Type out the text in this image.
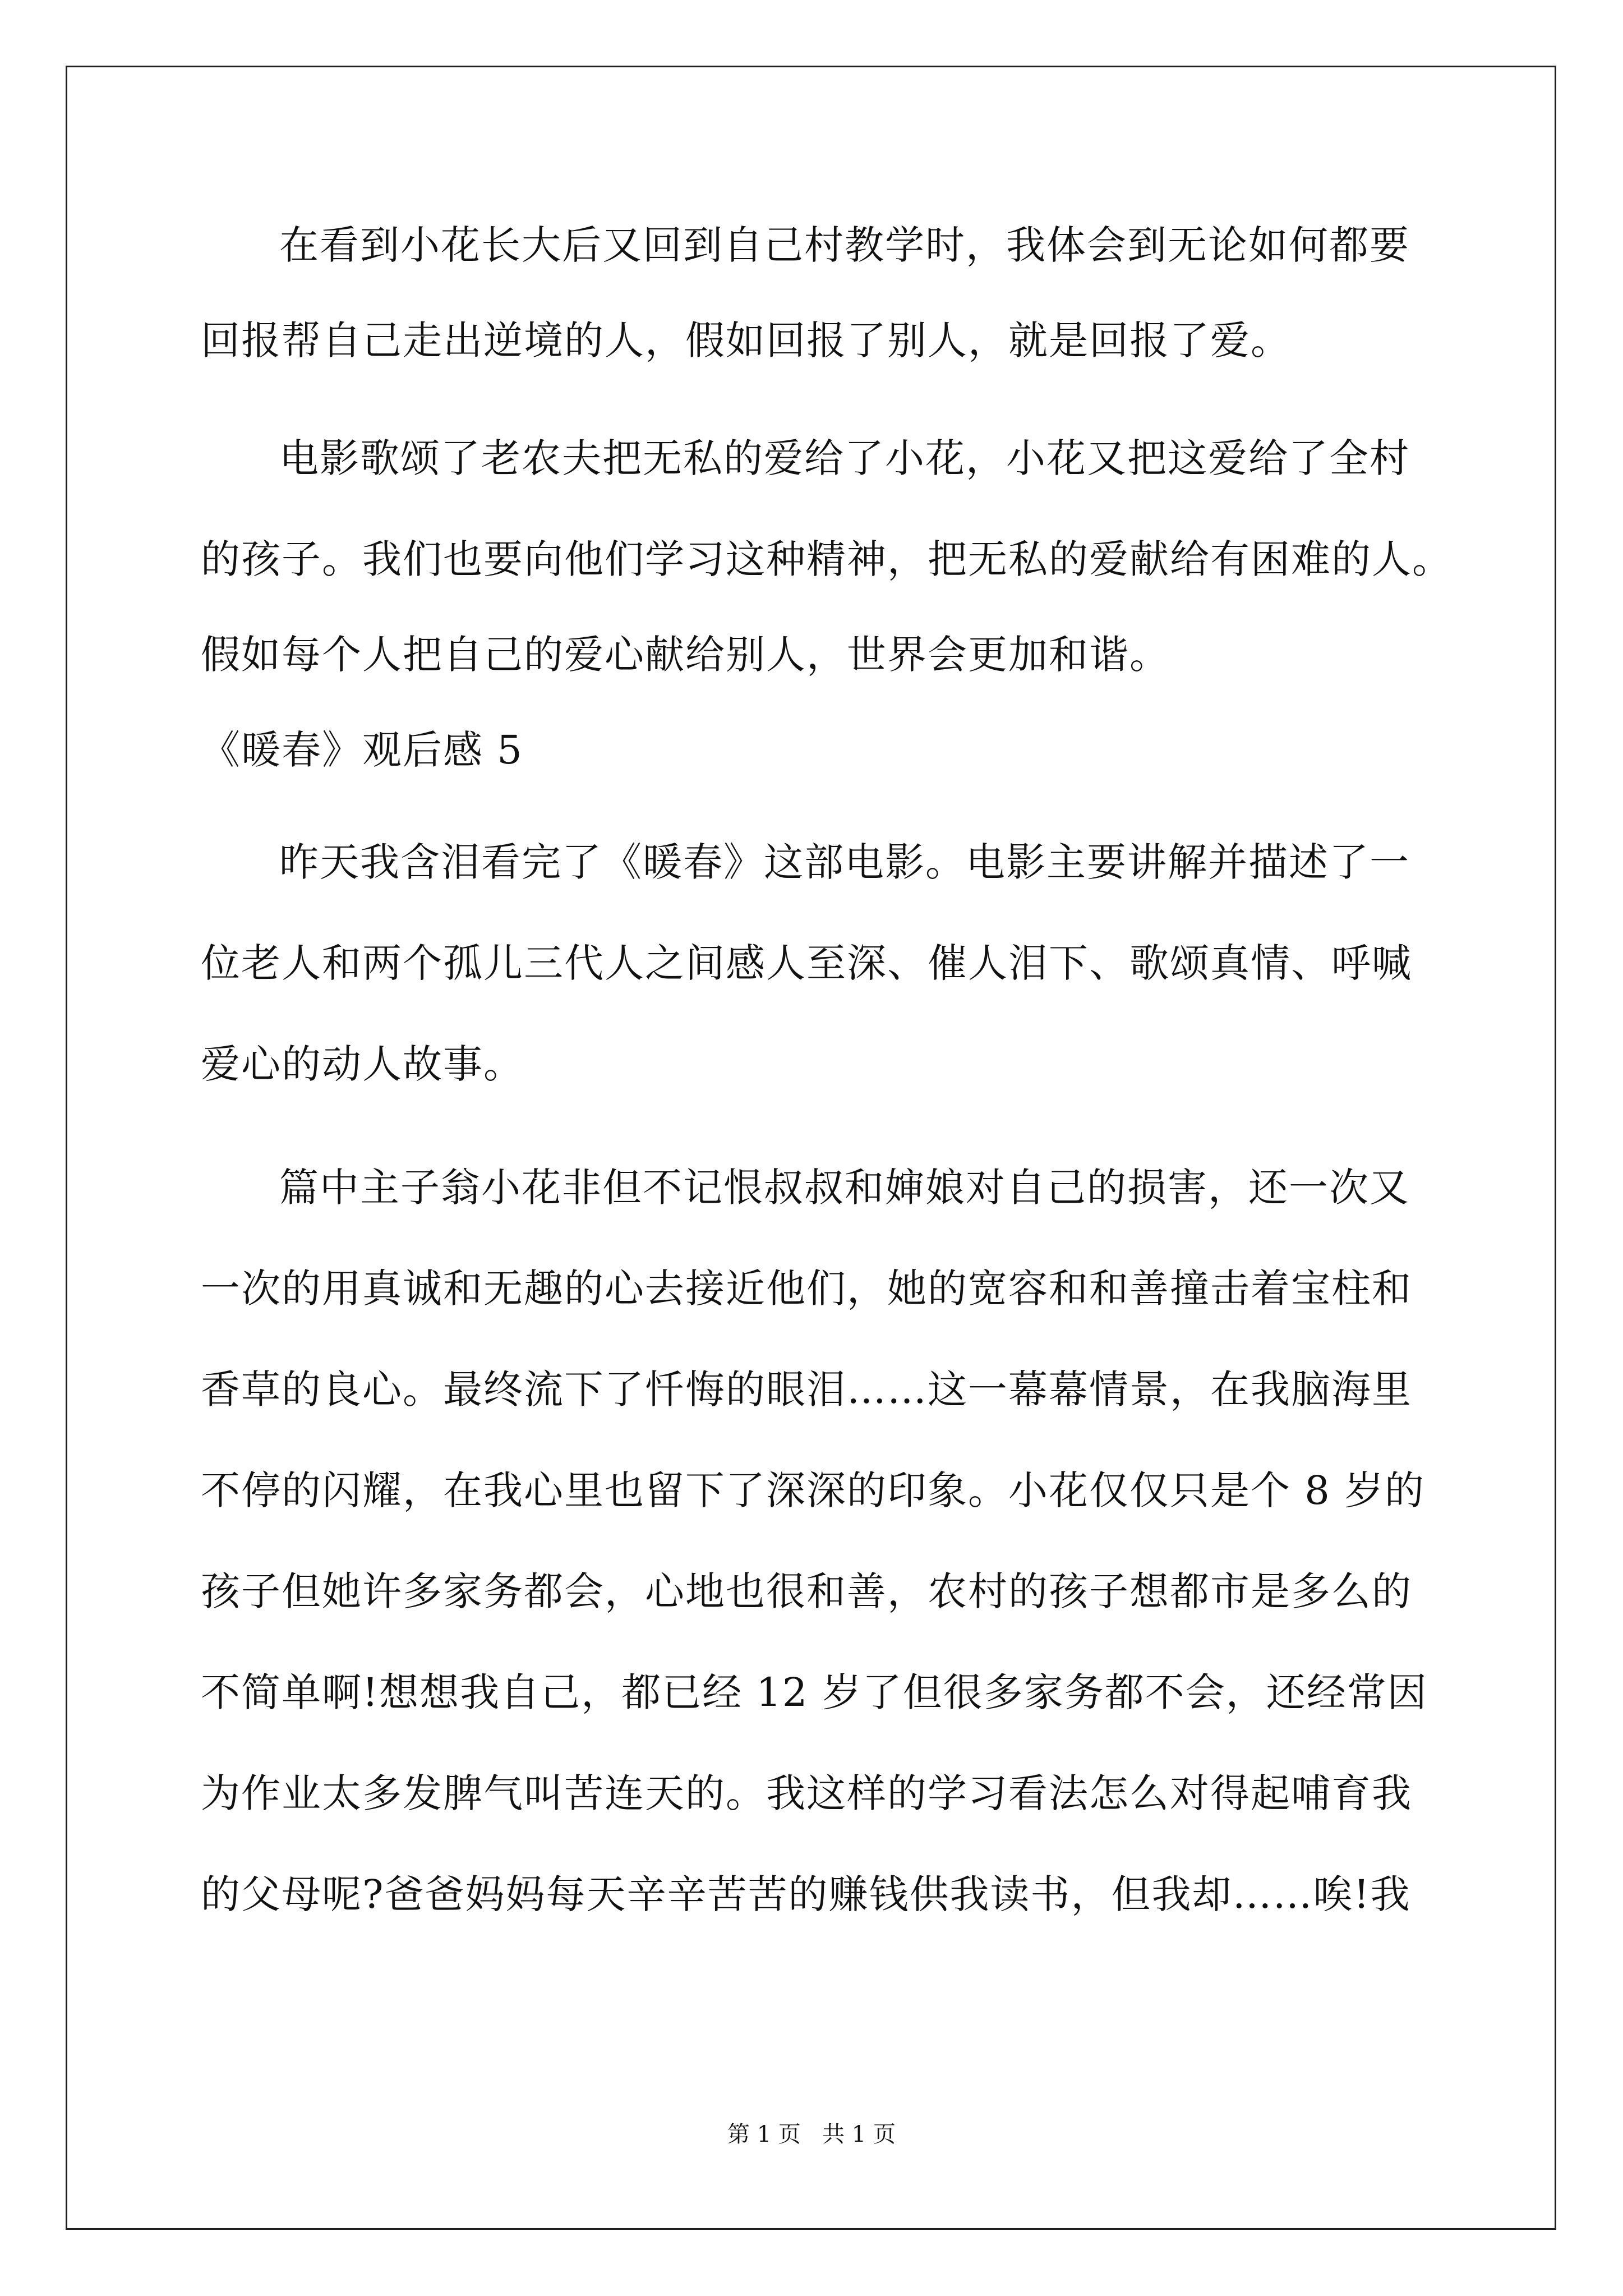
在看到小花长大后又回到自己村教学时，我体会到无论如何都要
回报帮自己走出逆境的人，假如回报了别人，就是回报了爱。
电影歌颂了老农夫把无私的爱给了小花，小花又把这爱给了全村
的孩子。我们也要向他们学习这种精神，把无私的爱献给有困难的人。
假如每个人把自己的爱心献给别人，世界会更加和谐。
《暖春》观后感 5
昨天我含泪看完了《暖春》这部电影。电影主要讲解并描述了一
位老人和两个孤儿三代人之间感人至深、催人泪下、歌颂真情、呼喊
爱心的动人故事。
篇中主子翁小花非但不记恨叔叔和婶娘对自己的损害，还一次又
一次的用真诚和无趣的心去接近他们，她的宽容和和善撞击着宝柱和
香草的良心。最终流下了忏悔的眼泪……这一幕幕情景，在我脑海里
不停的闪耀，在我心里也留下了深深的印象。小花仅仅只是个 8 岁的
孩子但她许多家务都会，心地也很和善，农村的孩子想都市是多么的
不简单啊!想想我自己，都已经 12 岁了但很多家务都不会，还经常因
为作业太多发脾气叫苦连天的。我这样的学习看法怎么对得起哺育我
的父母呢?爸爸妈妈每天辛辛苦苦的赚钱供我读书，但我却……唉!我
第 1 页   共 1 页
